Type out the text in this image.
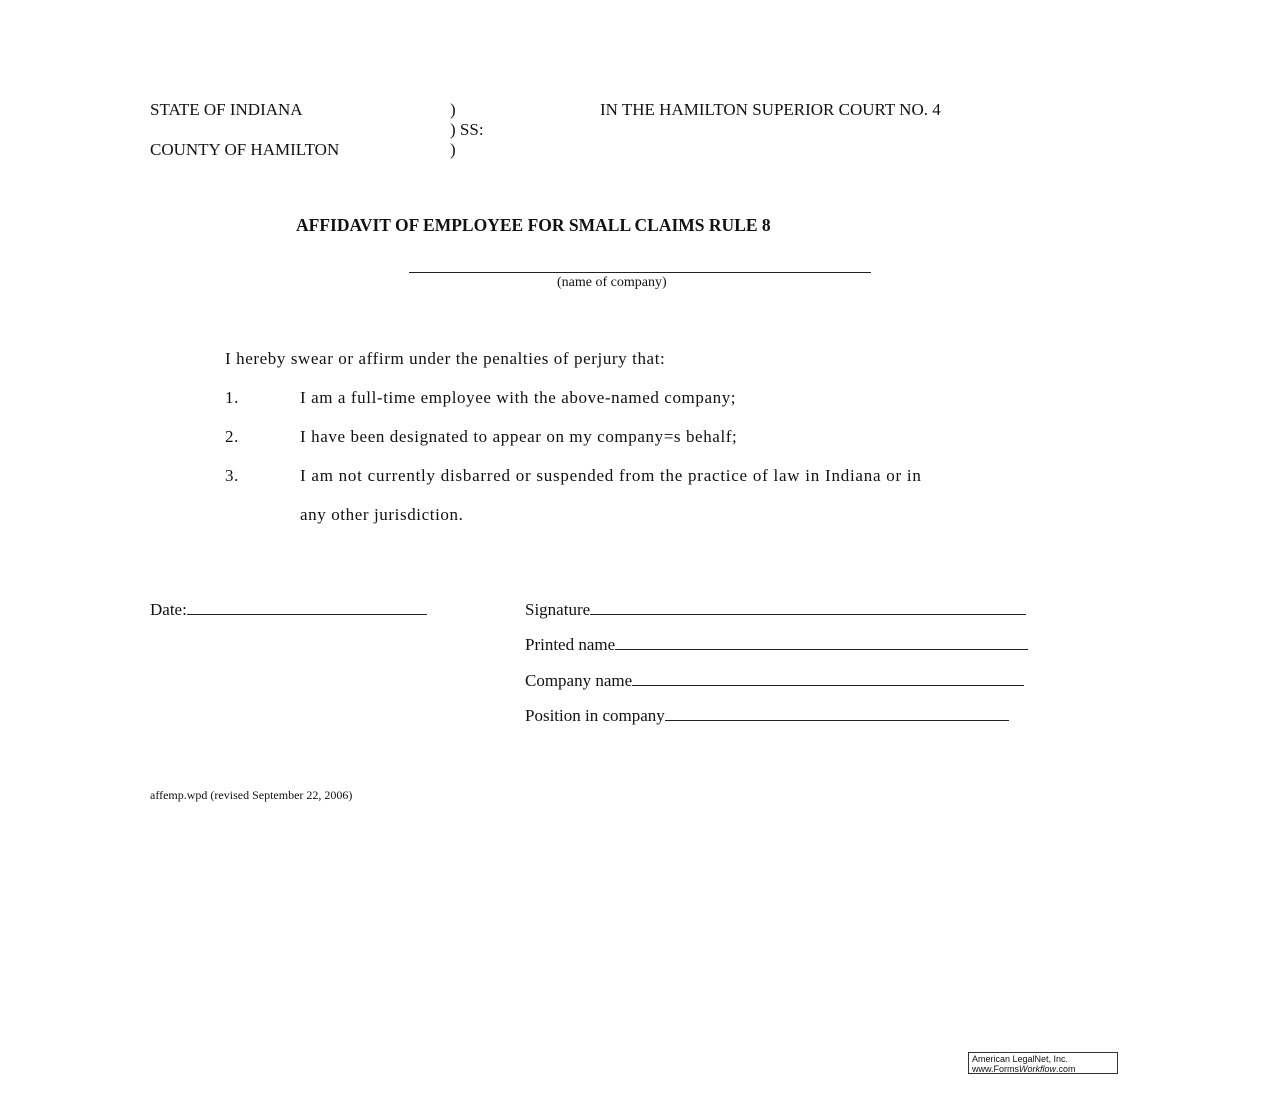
STATE OF INDIANA	)
) SS:
COUNTY OF HAMILTON	)
IN THE HAMILTON SUPERIOR COURT NO. 4
AFFIDAVIT OF EMPLOYEE FOR SMALL CLAIMS RULE 8
(name of company)
I hereby swear or affirm under the penalties of perjury that:
1.	I am a full-time employee with the above-named company;
2.	I have been designated to appear on my company=s behalf;
3.	I am not currently disbarred or suspended from the practice of law in Indiana or in
any other jurisdiction.
Date:	Signature
Printed name
Company name
Position in company
affemp.wpd (revised September 22, 2006)
American LegalNet, Inc.
www.FormsWorkflow.com
